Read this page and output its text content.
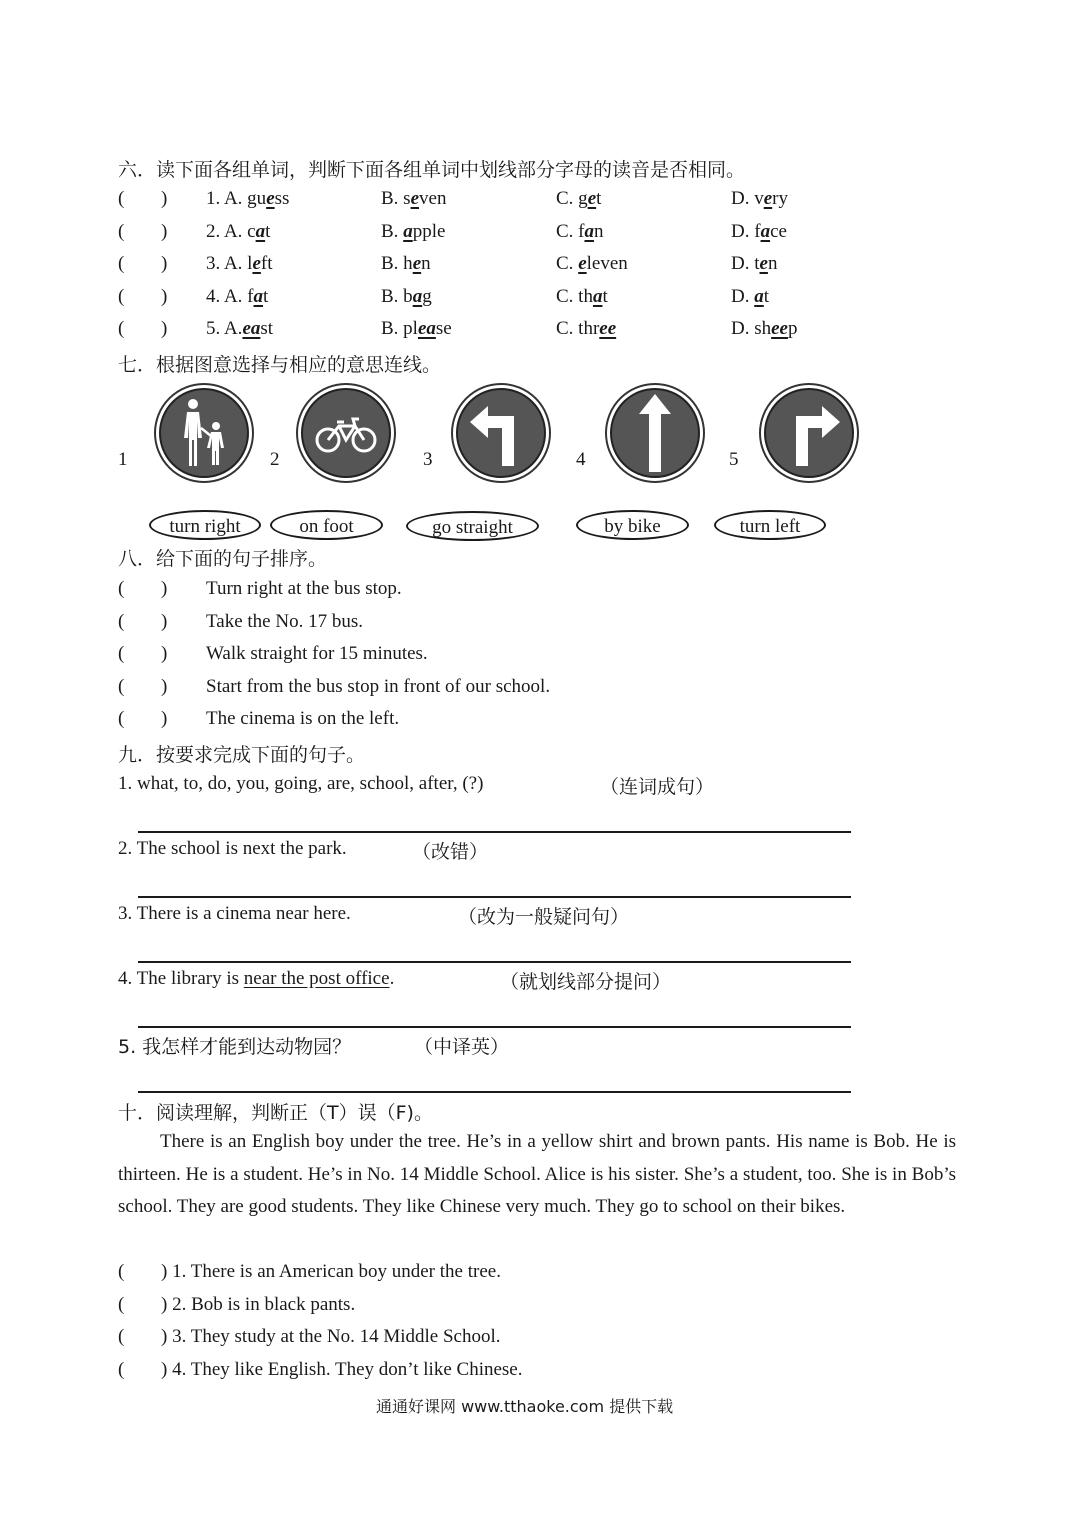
六．读下面各组单词，判断下面各组单词中划线部分字母的读音是否相同。
( ) 1. A. guess	B. seven	C. get	D. very
( ) 2. A. cat	B. apple	C. fan	D. face
( ) 3. A. left	B. hen	C. eleven	D. ten
( ) 4. A. fat	B. bag	C. that	D. at
( ) 5. A.east	B. please	C. three	D. sheep
七．根据图意选择与相应的意思连线。
1	2	3	4	5
turn right	on foot	go straight	by bike	turn left
八．给下面的句子排序。
( ) Turn right at the bus stop.
( ) Take the No. 17 bus.
( ) Walk straight for 15 minutes.
( ) Start from the bus stop in front of our school.
( ) The cinema is on the left.
九．按要求完成下面的句子。
1. what, to, do, you, going, are, school, after, (?)	（连词成句）
2. The school is next the park.	（改错）
3. There is a cinema near here.	（改为一般疑问句）
4. The library is near the post office.	（就划线部分提问）
5. 我怎样才能到达动物园？	（中译英）
十．阅读理解，判断正（T）误（F)。
There is an English boy under the tree. He’s in a yellow shirt and brown pants. His name is Bob. He is thirteen. He is a student. He’s in No. 14 Middle School. Alice is his sister. She’s a student, too. She is in Bob’s school. They are good students. They like Chinese very much. They go to school on their bikes.
( ) 1. There is an American boy under the tree.
( ) 2. Bob is in black pants.
( ) 3. They study at the No. 14 Middle School.
( ) 4. They like English. They don’t like Chinese.
通通好课网 www.tthaoke.com 提供下载
